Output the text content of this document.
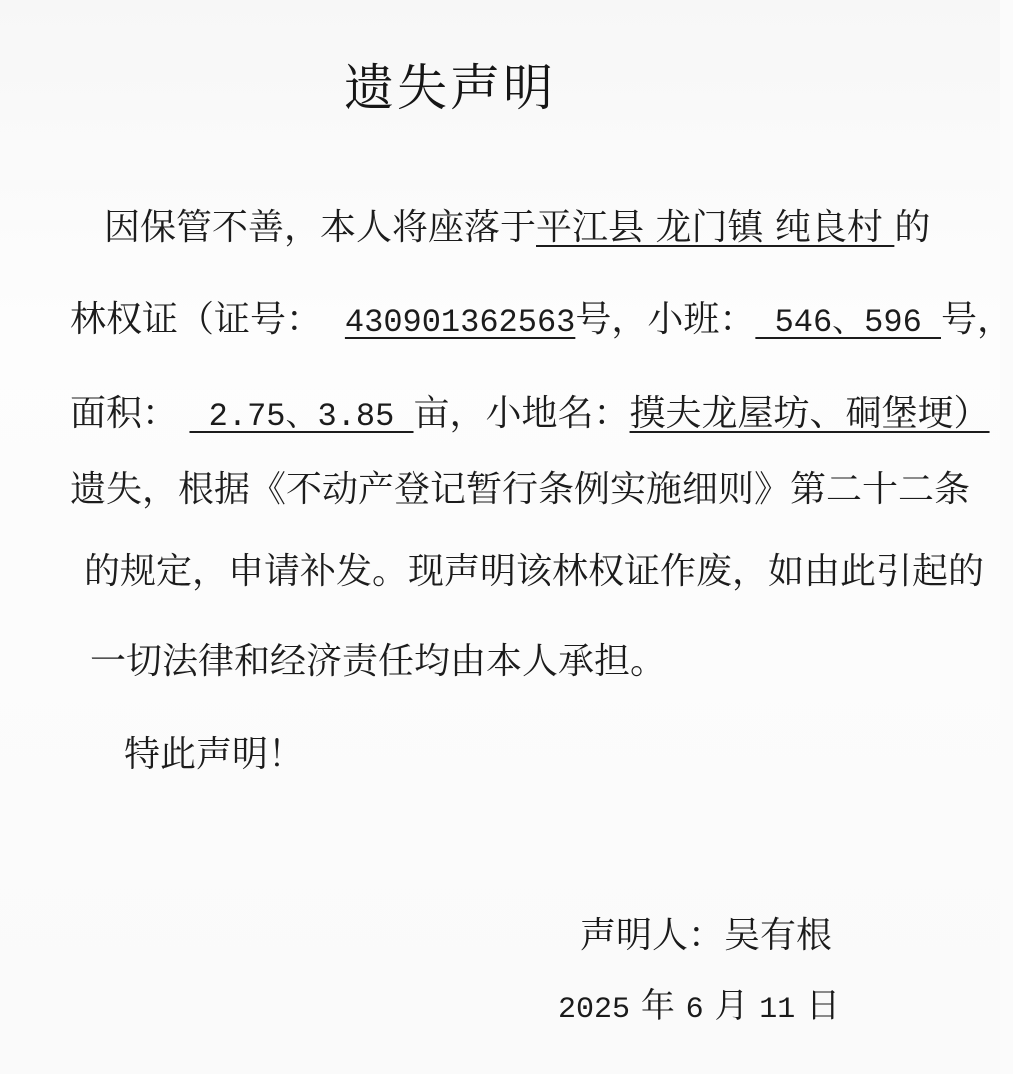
遗失声明
因保管不善，本人将座落于平江县 龙门镇 纯良村 的
林权证（证号： 430901362563号，小班： 546、596 号，
面积：  2.75、3.85 亩，小地名：摸夫龙屋坊、硐堡埂）
遗失，根据《不动产登记暂行条例实施细则》第二十二条
的规定，申请补发。现声明该林权证作废，如由此引起的
一切法律和经济责任均由本人承担。
特此声明！
声明人：吴有根
2025 年 6 月 11 日
